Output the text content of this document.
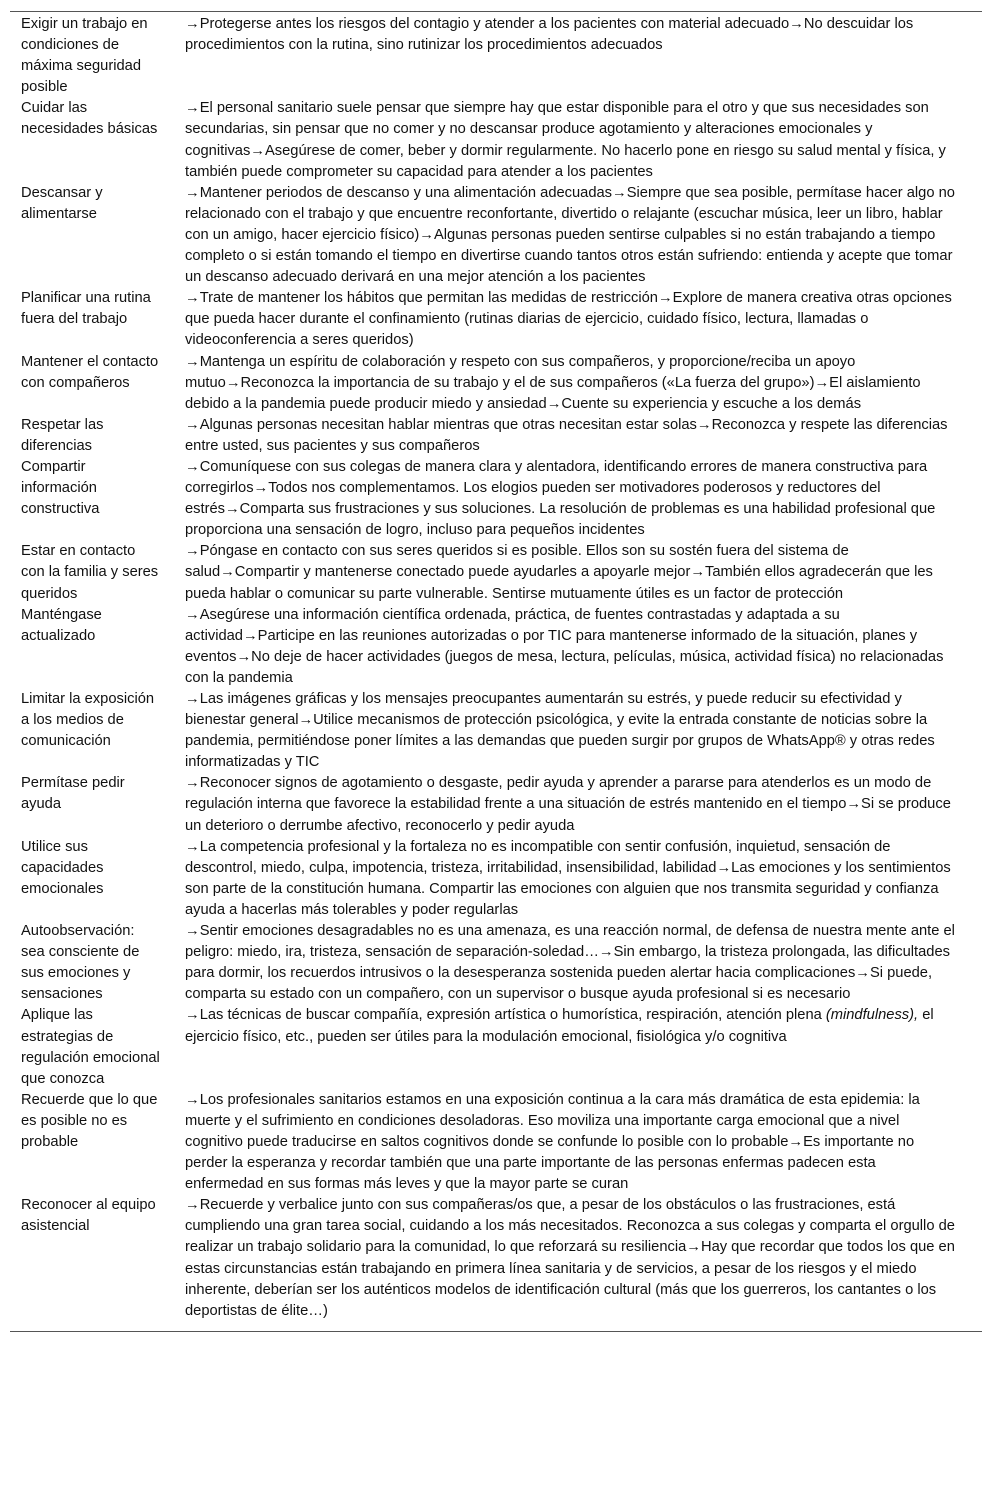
Exigir un trabajo en condiciones de máxima seguridad posible	→Protegerse antes los riesgos del contagio y atender a los pacientes con material adecuado→No descuidar los procedimientos con la rutina, sino rutinizar los procedimientos adecuados
Cuidar las necesidades básicas	→El personal sanitario suele pensar que siempre hay que estar disponible para el otro y que sus necesidades son secundarias, sin pensar que no comer y no descansar produce agotamiento y alteraciones emocionales y cognitivas→Asegúrese de comer, beber y dormir regularmente. No hacerlo pone en riesgo su salud mental y física, y también puede comprometer su capacidad para atender a los pacientes
Descansar y alimentarse	→Mantener periodos de descanso y una alimentación adecuadas→Siempre que sea posible, permítase hacer algo no relacionado con el trabajo y que encuentre reconfortante, divertido o relajante (escuchar música, leer un libro, hablar con un amigo, hacer ejercicio físico)→Algunas personas pueden sentirse culpables si no están trabajando a tiempo completo o si están tomando el tiempo en divertirse cuando tantos otros están sufriendo: entienda y acepte que tomar un descanso adecuado derivará en una mejor atención a los pacientes
Planificar una rutina fuera del trabajo	→Trate de mantener los hábitos que permitan las medidas de restricción→Explore de manera creativa otras opciones que pueda hacer durante el confinamiento (rutinas diarias de ejercicio, cuidado físico, lectura, llamadas o videoconferencia a seres queridos)
Mantener el contacto con compañeros	→Mantenga un espíritu de colaboración y respeto con sus compañeros, y proporcione/reciba un apoyo mutuo→Reconozca la importancia de su trabajo y el de sus compañeros («La fuerza del grupo»)→El aislamiento debido a la pandemia puede producir miedo y ansiedad→Cuente su experiencia y escuche a los demás
Respetar las diferencias	→Algunas personas necesitan hablar mientras que otras necesitan estar solas→Reconozca y respete las diferencias entre usted, sus pacientes y sus compañeros
Compartir información constructiva	→Comuníquese con sus colegas de manera clara y alentadora, identificando errores de manera constructiva para corregirlos→Todos nos complementamos. Los elogios pueden ser motivadores poderosos y reductores del estrés→Comparta sus frustraciones y sus soluciones. La resolución de problemas es una habilidad profesional que proporciona una sensación de logro, incluso para pequeños incidentes
Estar en contacto con la familia y seres queridos	→Póngase en contacto con sus seres queridos si es posible. Ellos son su sostén fuera del sistema de salud→Compartir y mantenerse conectado puede ayudarles a apoyarle mejor→También ellos agradecerán que les pueda hablar o comunicar su parte vulnerable. Sentirse mutuamente útiles es un factor de protección
Manténgase actualizado	→Asegúrese una información científica ordenada, práctica, de fuentes contrastadas y adaptada a su actividad→Participe en las reuniones autorizadas o por TIC para mantenerse informado de la situación, planes y eventos→No deje de hacer actividades (juegos de mesa, lectura, películas, música, actividad física) no relacionadas con la pandemia
Limitar la exposición a los medios de comunicación	→Las imágenes gráficas y los mensajes preocupantes aumentarán su estrés, y puede reducir su efectividad y bienestar general→Utilice mecanismos de protección psicológica, y evite la entrada constante de noticias sobre la pandemia, permitiéndose poner límites a las demandas que pueden surgir por grupos de WhatsApp® y otras redes informatizadas y TIC
Permítase pedir ayuda	→Reconocer signos de agotamiento o desgaste, pedir ayuda y aprender a pararse para atenderlos es un modo de regulación interna que favorece la estabilidad frente a una situación de estrés mantenido en el tiempo→Si se produce un deterioro o derrumbe afectivo, reconocerlo y pedir ayuda
Utilice sus capacidades emocionales	→La competencia profesional y la fortaleza no es incompatible con sentir confusión, inquietud, sensación de descontrol, miedo, culpa, impotencia, tristeza, irritabilidad, insensibilidad, labilidad→Las emociones y los sentimientos son parte de la constitución humana. Compartir las emociones con alguien que nos transmita seguridad y confianza ayuda a hacerlas más tolerables y poder regularlas
Autoobservación: sea consciente de sus emociones y sensaciones	→Sentir emociones desagradables no es una amenaza, es una reacción normal, de defensa de nuestra mente ante el peligro: miedo, ira, tristeza, sensación de separación-soledad…→Sin embargo, la tristeza prolongada, las dificultades para dormir, los recuerdos intrusivos o la desesperanza sostenida pueden alertar hacia complicaciones→Si puede, comparta su estado con un compañero, con un supervisor o busque ayuda profesional si es necesario
Aplique las estrategias de regulación emocional que conozca	→Las técnicas de buscar compañía, expresión artística o humorística, respiración, atención plena (mindfulness), el ejercicio físico, etc., pueden ser útiles para la modulación emocional, fisiológica y/o cognitiva
Recuerde que lo que es posible no es probable	→Los profesionales sanitarios estamos en una exposición continua a la cara más dramática de esta epidemia: la muerte y el sufrimiento en condiciones desoladoras. Eso moviliza una importante carga emocional que a nivel cognitivo puede traducirse en saltos cognitivos donde se confunde lo posible con lo probable→Es importante no perder la esperanza y recordar también que una parte importante de las personas enfermas padecen esta enfermedad en sus formas más leves y que la mayor parte se curan
Reconocer al equipo asistencial	→Recuerde y verbalice junto con sus compañeras/os que, a pesar de los obstáculos o las frustraciones, está cumpliendo una gran tarea social, cuidando a los más necesitados. Reconozca a sus colegas y comparta el orgullo de realizar un trabajo solidario para la comunidad, lo que reforzará su resiliencia→Hay que recordar que todos los que en estas circunstancias están trabajando en primera línea sanitaria y de servicios, a pesar de los riesgos y el miedo inherente, deberían ser los auténticos modelos de identificación cultural (más que los guerreros, los cantantes o los deportistas de élite…)
